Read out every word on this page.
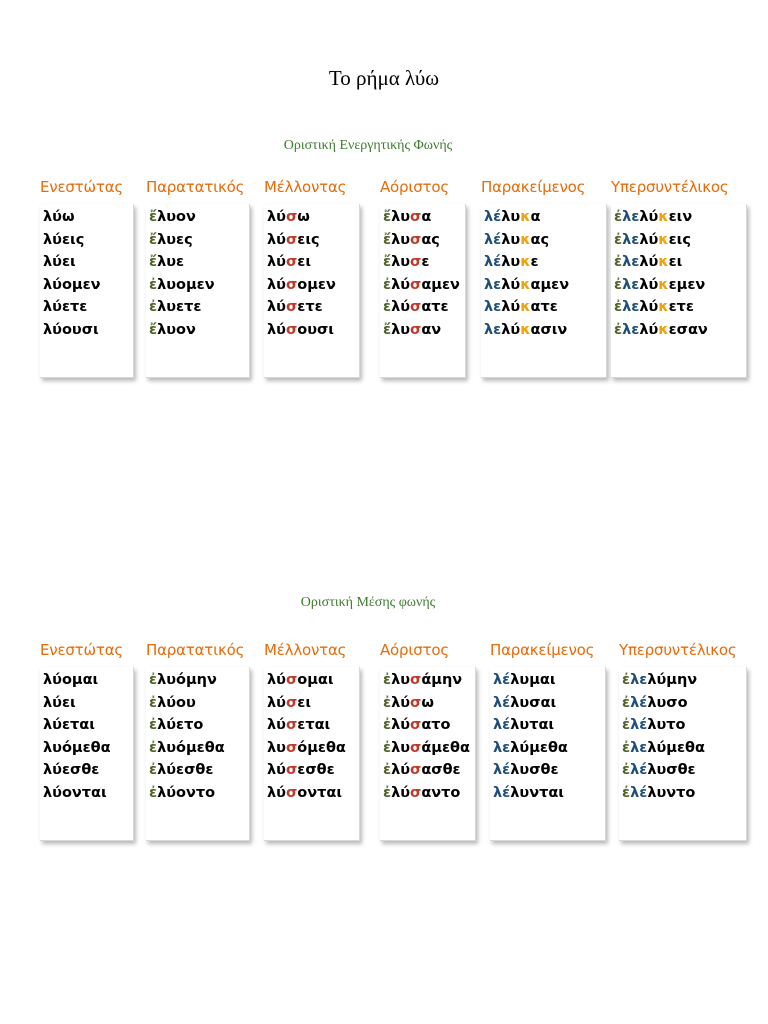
Το ρήμα λύω
Οριστική Ενεργητικής Φωνής
Ενεστώτας
λύω
λύεις
λύει
λύομεν
λύετε
λύουσι
Παρατατικός
ἔλυον
ἔλυες
ἔλυε
ἐλυομεν
ἐλυετε
ἔλυον
Μέλλοντας
λύσω
λύσεις
λύσει
λύσομεν
λύσετε
λύσουσι
Αόριστος
ἔλυσα
ἔλυσας
ἔλυσε
ἐλύσαμεν
ἐλύσατε
ἔλυσαν
Παρακείμενος
λέλυκα
λέλυκας
λέλυκε
λελύκαμεν
λελύκατε
λελύκασιν
Υπερσυντέλικος
ἐλελύκειν
ἐλελύκεις
ἐλελύκει
ἐλελύκεμεν
ἐλελύκετε
ἐλελύκεσαν
Οριστική Μέσης φωνής
Ενεστώτας
λύομαι
λύει
λύεται
λυόμεθα
λύεσθε
λύονται
Παρατατικός
ἐλυόμην
ἐλύου
ἐλύετο
ἐλυόμεθα
ἐλύεσθε
ἐλύοντο
Μέλλοντας
λύσομαι
λύσει
λύσεται
λυσόμεθα
λύσεσθε
λύσονται
Αόριστος
ἐλυσάμην
ἐλύσω
ἐλύσατο
ἐλυσάμεθα
ἐλύσασθε
ἐλύσαντο
Παρακείμενος
λέλυμαι
λέλυσαι
λέλυται
λελύμεθα
λέλυσθε
λέλυνται
Υπερσυντέλικος
ἐλελύμην
ἐλέλυσο
ἐλέλυτο
ἐλελύμεθα
ἐλέλυσθε
ἐλέλυντο
